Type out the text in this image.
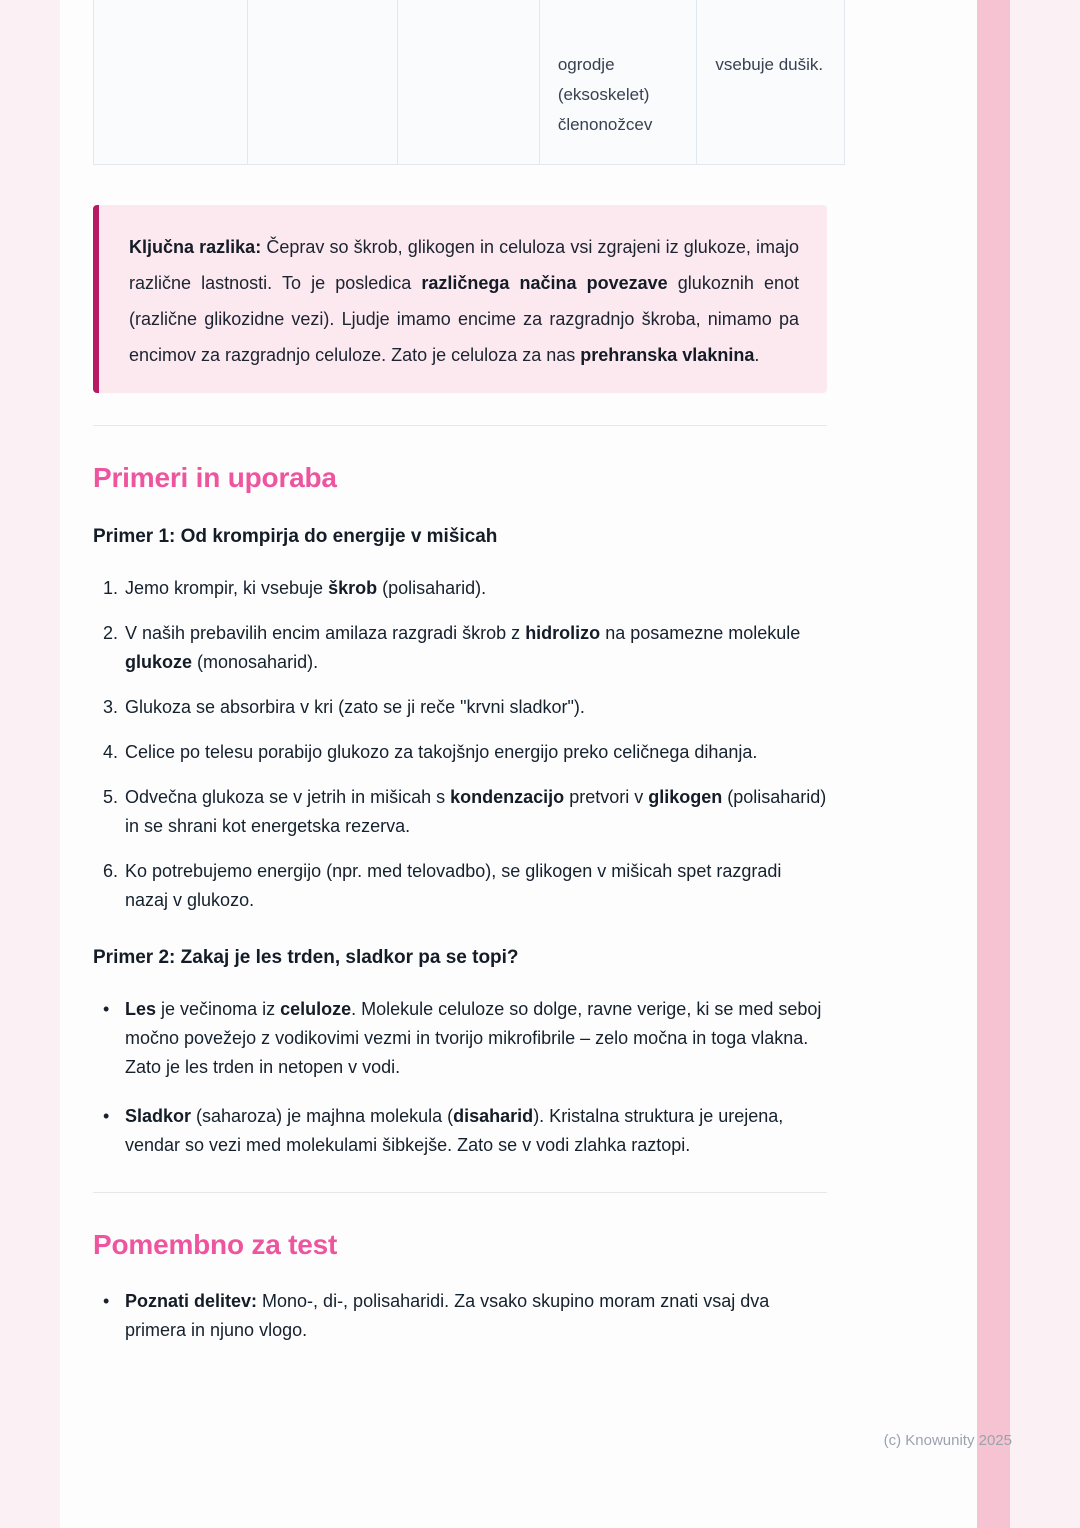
ogrodje (eksoskelet) členonožcev
vsebuje dušik.

Ključna razlika: Čeprav so škrob, glikogen in celuloza vsi zgrajeni iz glukoze, imajo različne lastnosti. To je posledica različnega načina povezave glukoznih enot (različne glikozidne vezi). Ljudje imamo encime za razgradnjo škroba, nimamo pa encimov za razgradnjo celuloze. Zato je celuloza za nas prehranska vlaknina.

Primeri in uporaba
Primer 1: Od krompirja do energije v mišicah
1. Jemo krompir, ki vsebuje škrob (polisaharid).
2. V naših prebavilih encim amilaza razgradi škrob z hidrolizo na posamezne molekule glukoze (monosaharid).
3. Glukoza se absorbira v kri (zato se ji reče "krvni sladkor").
4. Celice po telesu porabijo glukozo za takojšnjo energijo preko celičnega dihanja.
5. Odvečna glukoza se v jetrih in mišicah s kondenzacijo pretvori v glikogen (polisaharid) in se shrani kot energetska rezerva.
6. Ko potrebujemo energijo (npr. med telovadbo), se glikogen v mišicah spet razgradi nazaj v glukozo.
Primer 2: Zakaj je les trden, sladkor pa se topi?
• Les je večinoma iz celuloze. Molekule celuloze so dolge, ravne verige, ki se med seboj močno povežejo z vodikovimi vezmi in tvorijo mikrofibrile – zelo močna in toga vlakna. Zato je les trden in netopen v vodi.
• Sladkor (saharoza) je majhna molekula (disaharid). Kristalna struktura je urejena, vendar so vezi med molekulami šibkejše. Zato se v vodi zlahka raztopi.
Pomembno za test
• Poznati delitev: Mono-, di-, polisaharidi. Za vsako skupino moram znati vsaj dva primera in njuno vlogo.
(c) Knowunity 2025
